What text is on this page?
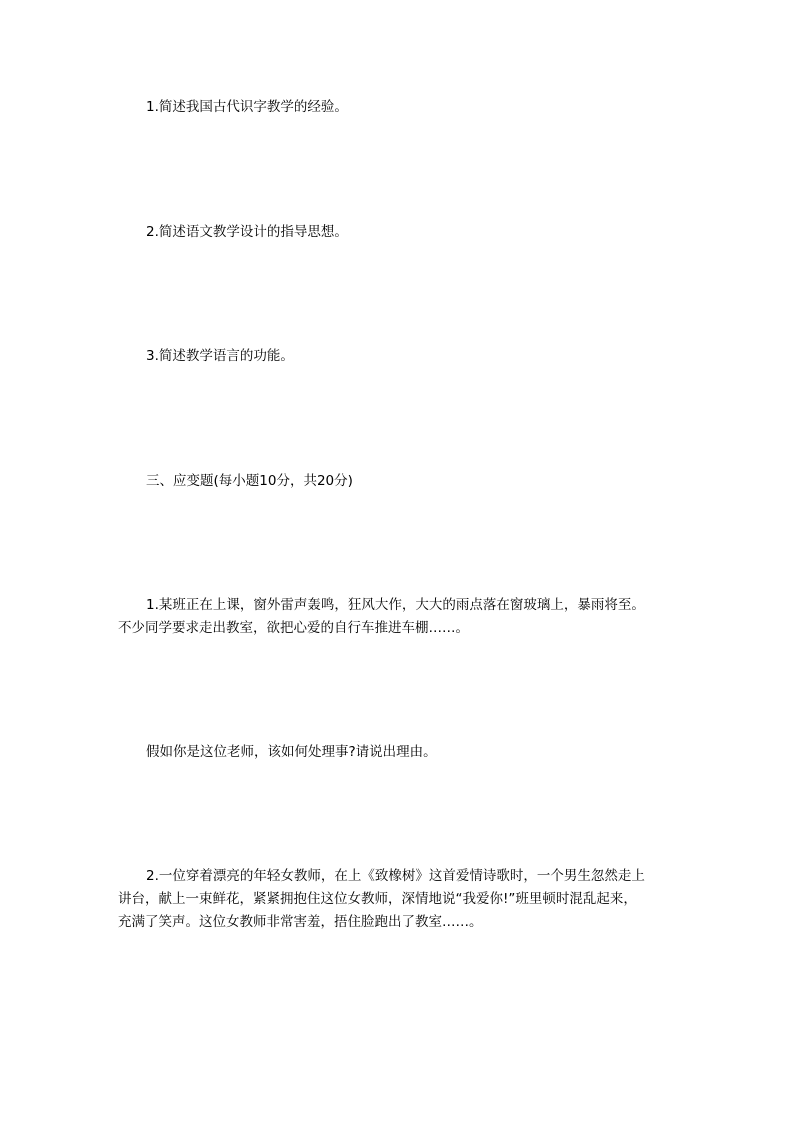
1.简述我国古代识字教学的经验。
2.简述语文教学设计的指导思想。
3.简述教学语言的功能。
三、应变题(每小题10分，共20分)
1.某班正在上课，窗外雷声轰鸣，狂风大作，大大的雨点落在窗玻璃上，暴雨将至。
不少同学要求走出教室，欲把心爱的自行车推进车棚……。
假如你是这位老师，该如何处理事?请说出理由。
2.一位穿着漂亮的年轻女教师，在上《致橡树》这首爱情诗歌时，一个男生忽然走上
讲台，献上一束鲜花，紧紧拥抱住这位女教师，深情地说“我爱你!”班里顿时混乱起来，
充满了笑声。这位女教师非常害羞，捂住脸跑出了教室……。
